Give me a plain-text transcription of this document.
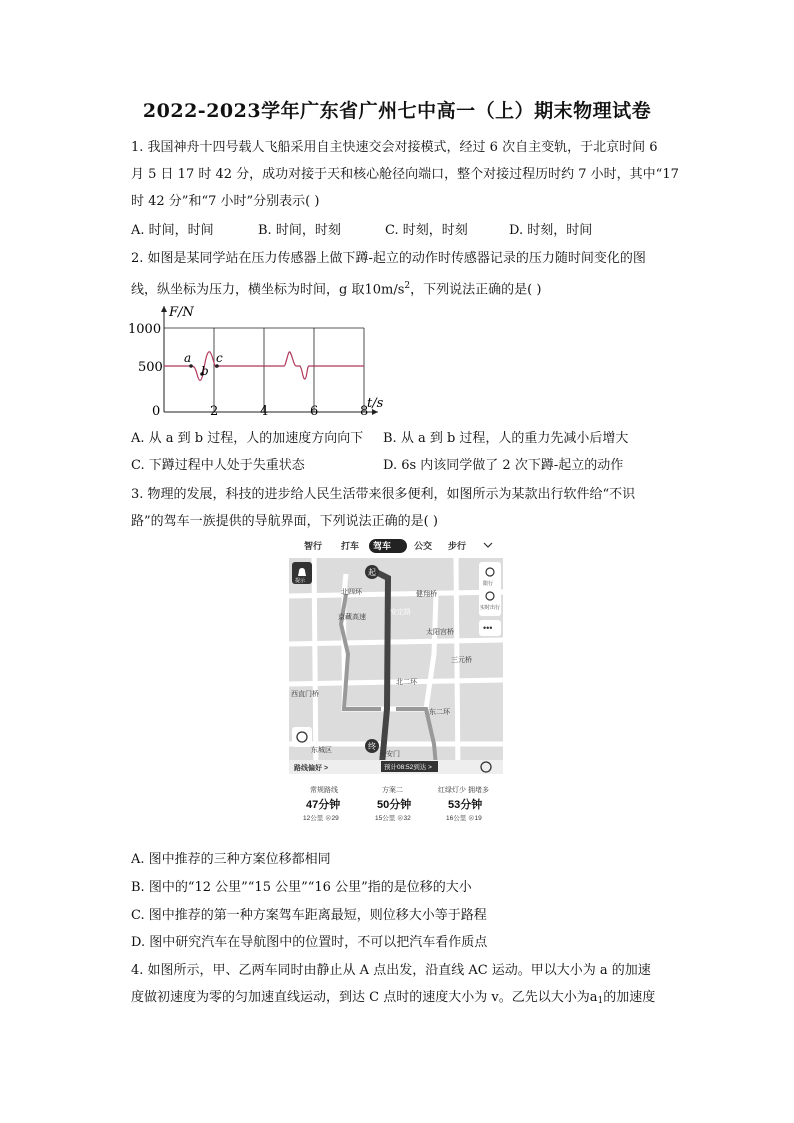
2022-2023学年广东省广州七中高一（上）期末物理试卷
1. 我国神舟十四号载人飞船采用自主快速交会对接模式，经过 6 次自主变轨，于北京时间 6
月 5 日 17 时 42 分，成功对接于天和核心舱径向端口，整个对接过程历时约 7 小时，其中“17
时 42 分”和“7 小时”分别表示( )
A. 时间，时间	B. 时间，时刻	C. 时刻，时刻	D. 时刻，时间
2. 如图是某同学站在压力传感器上做下蹲-起立的动作时传感器记录的压力随时间变化的图
线，纵坐标为压力，横坐标为时间，g 取$10m/s^2$，下列说法正确的是( )
F/N
1000
500
0	2	4	6	8
t/s
a
b
c
A. 从 a 到 b 过程，人的加速度方向向下 B. 从 a 到 b 过程，人的重力先减小后增大
C. 下蹲过程中人处于失重状态	D. 6s 内该同学做了 2 次下蹲-起立的动作
3. 物理的发展，科技的进步给人民生活带来很多便利，如图所示为某款出行软件给“不识
路”的驾车一族提供的导航界面，下列说法正确的是( )
智行 打车 驾车	公交 步行
起
终
北四环
京藏高速
安定路
健翔桥
太阳宫桥
三元桥
北二环
东二环
西直门桥
东城区
天安门
提示	限行
实时出行
•••
路线偏好 >	预计08:52到达 >
常规路线
47分钟
12公里 ⊗29
方案二
50分钟
15公里 ⊗32
红绿灯少 拥堵多
53分钟
16公里 ⊗19
A. 图中推荐的三种方案位移都相同
B. 图中的“12 公里”“15 公里”“16 公里”指的是位移的大小
C. 图中推荐的第一种方案驾车距离最短，则位移大小等于路程
D. 图中研究汽车在导航图中的位置时，不可以把汽车看作质点
4. 如图所示，甲、乙两车同时由静止从 A 点出发，沿直线 AC 运动。甲以大小为 a 的加速
度做初速度为零的匀加速直线运动，到达 C 点时的速度大小为 v。乙先以大小为$a_1$的加速度
